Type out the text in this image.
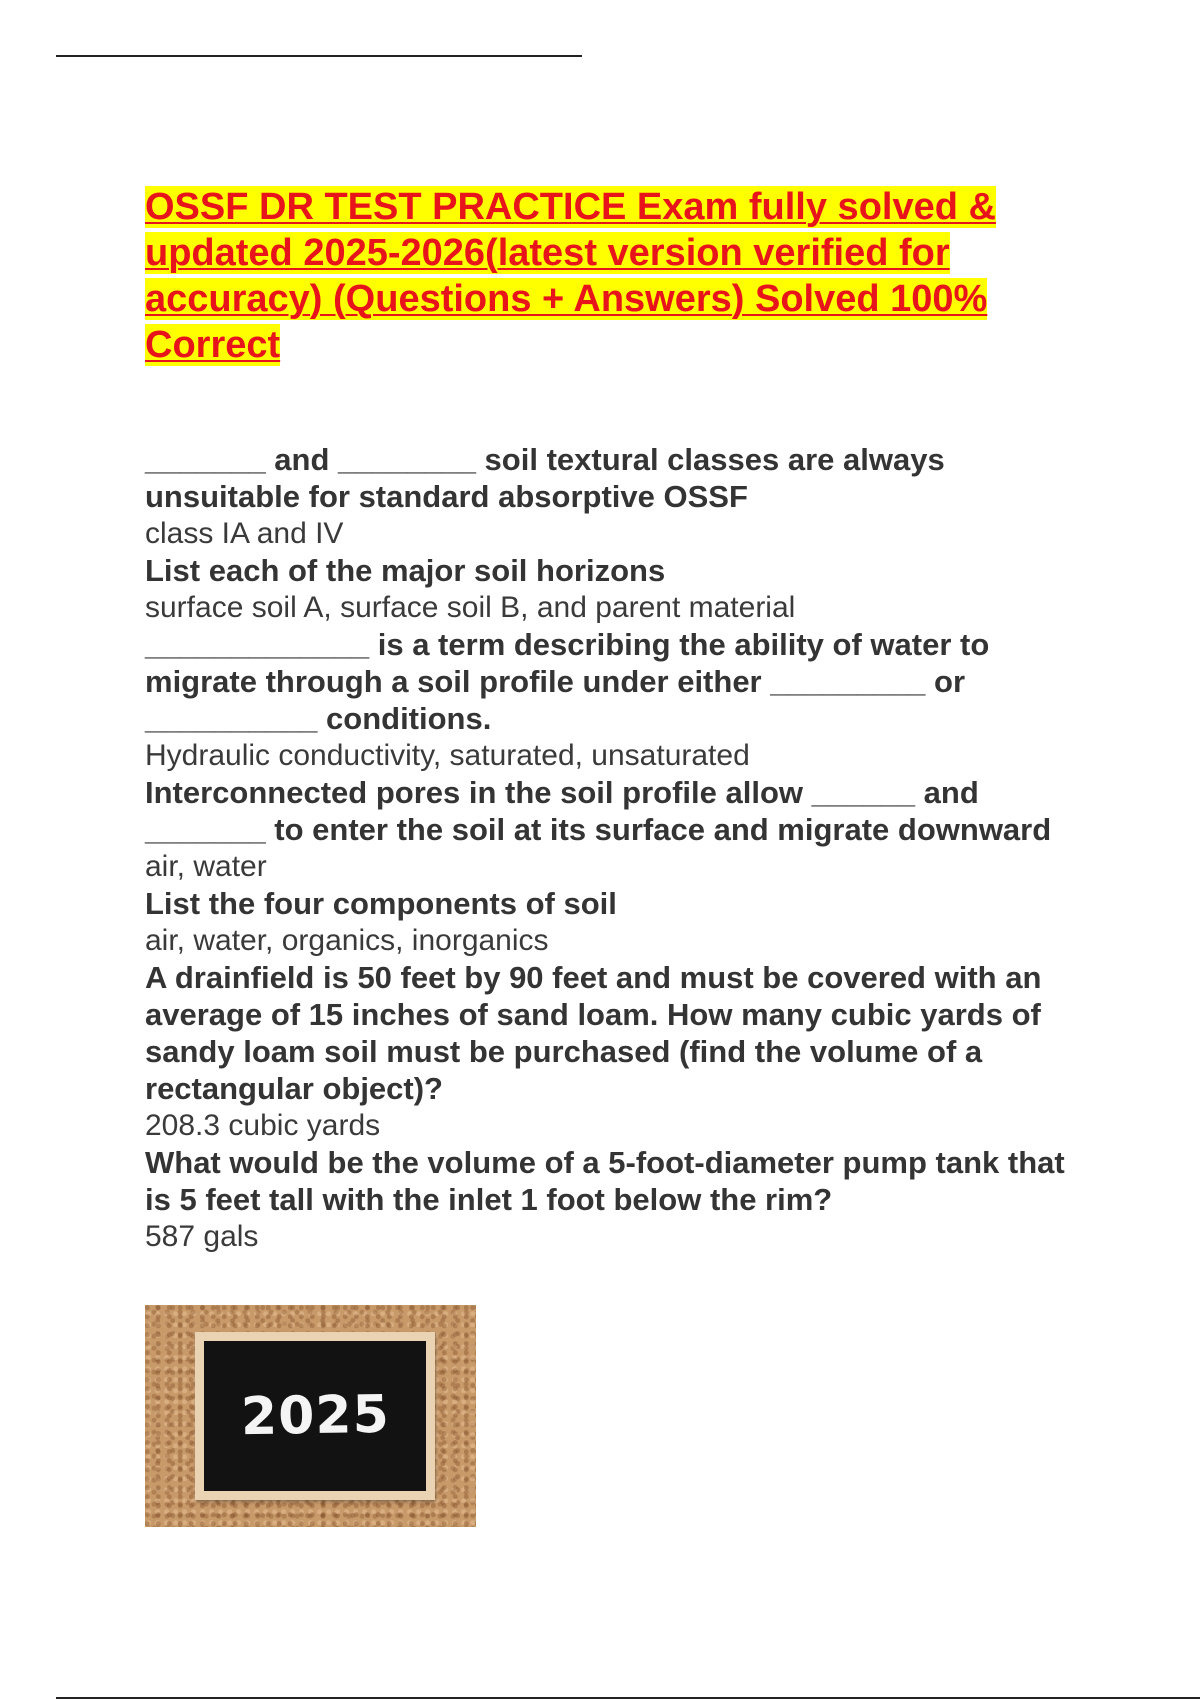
OSSF DR TEST PRACTICE Exam fully solved & updated 2025-2026(latest version verified for accuracy) (Questions + Answers) Solved 100% Correct

_______ and ________ soil textural classes are always unsuitable for standard absorptive OSSF

class IA and IV

List each of the major soil horizons

surface soil A, surface soil B, and parent material

_____________ is a term describing the ability of water to migrate through a soil profile under either _________ or __________ conditions.

Hydraulic conductivity, saturated, unsaturated

Interconnected pores in the soil profile allow ______ and _______ to enter the soil at its surface and migrate downward

air, water

List the four components of soil

air, water, organics, inorganics

A drainfield is 50 feet by 90 feet and must be covered with an average of 15 inches of sand loam. How many cubic yards of sandy loam soil must be purchased (find the volume of a rectangular object)?

208.3 cubic yards

What would be the volume of a 5-foot-diameter pump tank that is 5 feet tall with the inlet 1 foot below the rim?

587 gals

2025
